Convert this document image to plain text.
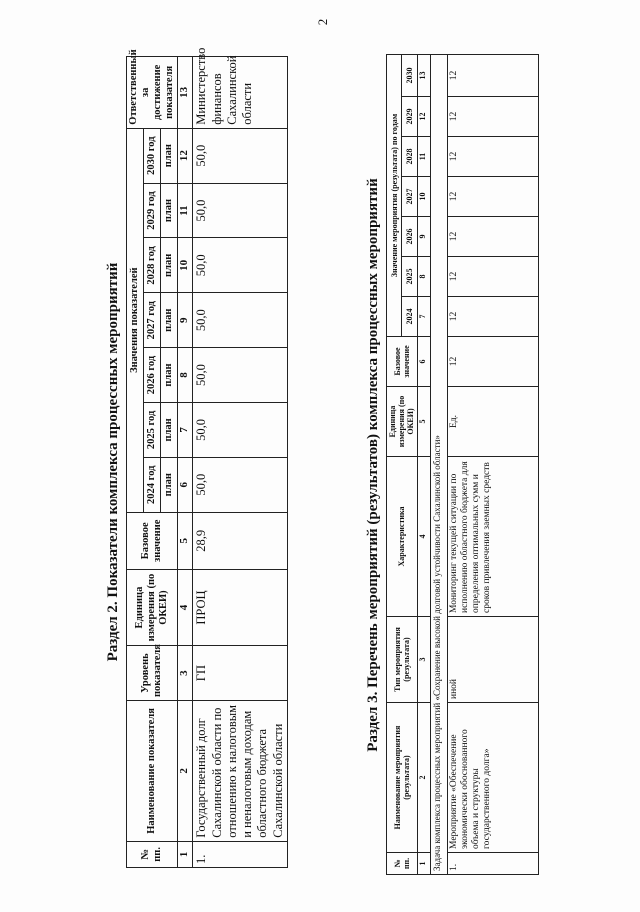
2

Раздел 2. Показатели комплекса процессных мероприятий

№ пп.	Наименование показателя	Уровень показателя	Единица измерения (по ОКЕИ)	Базовое значение	Значения показателей							Ответственный за достижение показателя
					2024 год	2025 год	2026 год	2027 год	2028 год	2029 год	2030 год	
					план	план	план	план	план	план	план	
1	2	3	4	5	6	7	8	9	10	11	12	13
1.	Государственный долг Сахалинской области по отношению к налоговым и неналоговым доходам областного бюджета Сахалинской области	ГП	ПРОЦ	28,9	50,0	50,0	50,0	50,0	50,0	50,0	50,0	Министерство финансов Сахалинской области

Раздел 3. Перечень мероприятий (результатов) комплекса процессных мероприятий

№ пп.	Наименование мероприятия (результата)	Тип мероприятия (результата)	Характеристика	Единица измерения (по ОКЕИ)	Базовое значение	Значение мероприятия (результата) по годам						
						2024	2025	2026	2027	2028	2029	2030
1	2	3	4	5	6	7	8	9	10	11	12	13
Задача комплекса процессных мероприятий «Сохранение высокой долговой устойчивости Сахалинской области»												
1.	Мероприятие «Обеспечение экономически обоснованного объема и структуры государственного долга»	иной	Мониторинг текущей ситуации по исполнению областного бюджета для определения оптимальных сумм и сроков привлечения заемных средств	Ед.	12	12	12	12	12	12	12	12
